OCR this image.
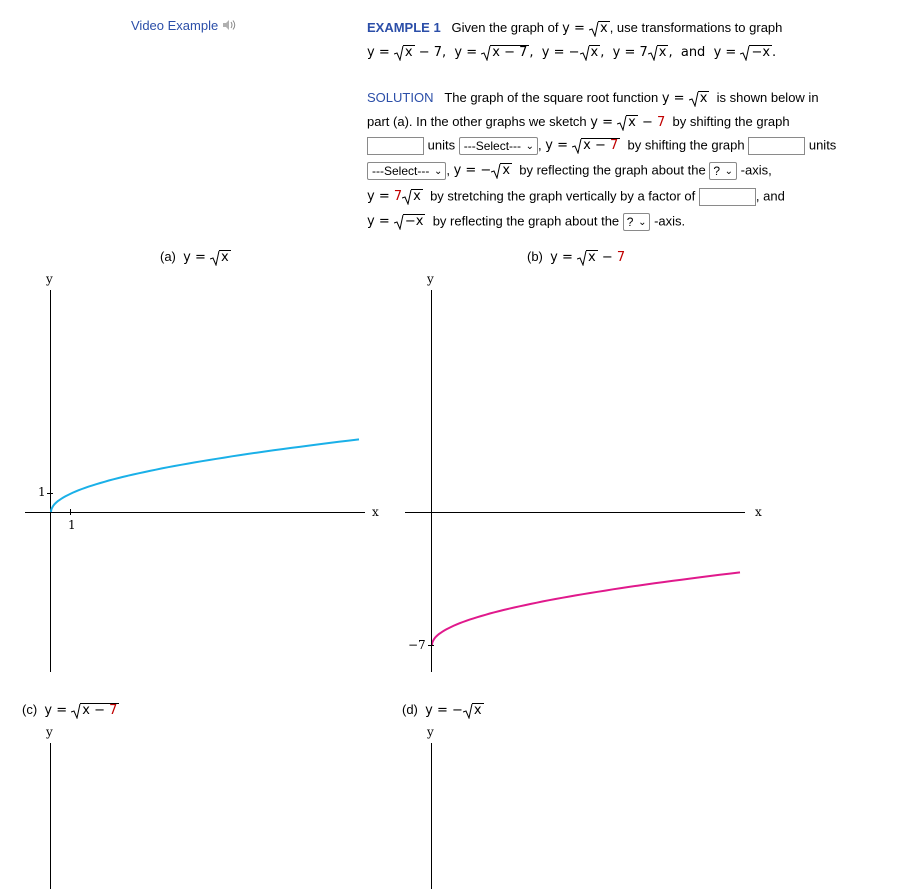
Video Example	EXAMPLE 1 Given the graph of y =
x , use transformations to graph
y =
x − 7,  y =
x − 7 ,  y = − x ,  y = 7 x ,  and  y =
−x .
SOLUTION The graph of the square root function y =
x is shown below in
part (a). In the other graphs we sketch y =
x − 7 by shifting the graph
units ---Select--- ⌄ , y =
x − 7 by shifting the graph	units
---Select--- ⌄ , y = − x by reflecting the graph about the ? ⌄ -axis,
y = 7 x by stretching the graph vertically by a factor of	, and
y =
−x by reflecting the graph about the ? ⌄ -axis.
(a) y =
x
y
x
1
1
(b) y =
x − 7
y
x
−7
(c) y =
x − 7
y
(d) y = − x
y
